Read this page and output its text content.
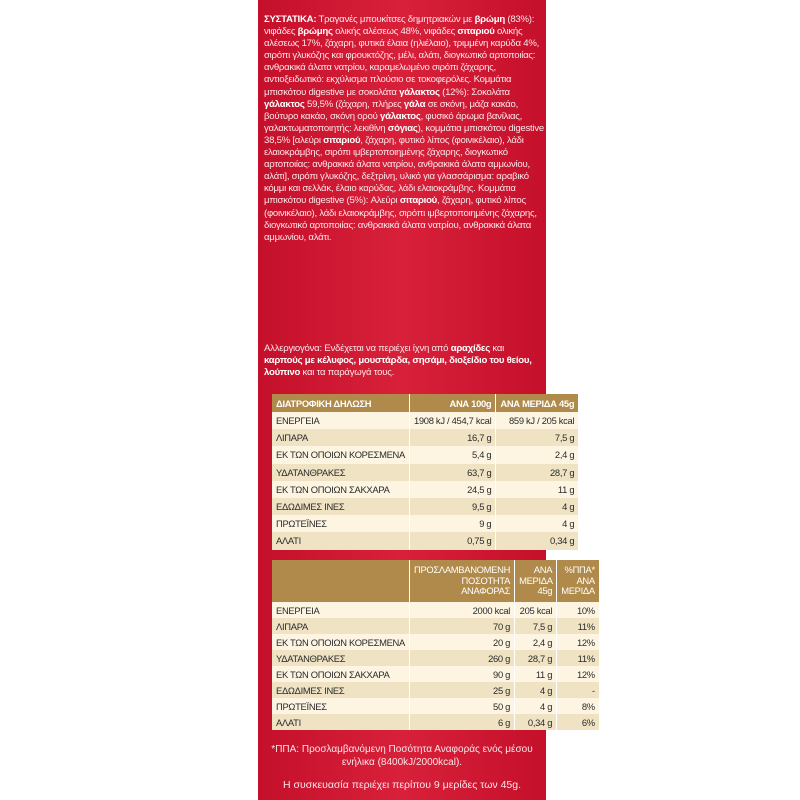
ΣΥΣΤΑΤΙΚΑ: Τραγανές μπουκίτσες δημητριακών με βρώμη (83%): νιφάδες βρώμης ολικής αλέσεως 48%, νιφάδες σιταριού ολικής αλέσεως 17%, ζάχαρη, φυτικά έλαια (ηλιέλαιο), τριμμένη καρύδα 4%, σιρόπι γλυκόζης και φρουκτόζης, μέλι, αλάτι, διογκωτικό αρτοποιίας: ανθρακικά άλατα νατρίου, καραμελωμένο σιρόπι ζάχαρης, αντιοξειδωτικό: εκχύλισμα πλούσιο σε τοκοφερόλες. Κομμάτια μπισκότου digestive με σοκολάτα γάλακτος (12%): Σοκολάτα γάλακτος 59,5% (ζάχαρη, πλήρες γάλα σε σκόνη, μάζα κακάο, βούτυρο κακάο, σκόνη ορού γάλακτος, φυσικό άρωμα βανίλιας, γαλακτωματοποιητής: λεκιθίνη σόγιας), κομμάτια μπισκότου digestive 38,5% [αλεύρι σιταριού, ζάχαρη, φυτικό λίπος (φοινικέλαιο), λάδι ελαιοκράμβης, σιρόπι ιμβερτοποιημένης ζάχαρης, διογκωτικό αρτοποιίας: ανθρακικά άλατα νατρίου, ανθρακικά άλατα αμμωνίου, αλάτι], σιρόπι γλυκόζης, δεξτρίνη, υλικό για γλασσάρισμα: αραβικό κόμμι και σελλάκ, έλαιο καρύδας, λάδι ελαιοκράμβης. Κομμάτια μπισκότου digestive (5%): Αλεύρι σιταριού, ζάχαρη, φυτικό λίπος (φοινικέλαιο), λάδι ελαιοκράμβης, σιρόπι ιμβερτοποιημένης ζάχαρης, διογκωτικό αρτοποιίας: ανθρακικά άλατα νατρίου, ανθρακικά άλατα αμμωνίου, αλάτι.
Αλλεργιογόνα: Ενδέχεται να περιέχει ίχνη από αραχίδες και καρπούς με κέλυφος, μουστάρδα, σησάμι, διοξείδιο του θείου, λούπινο και τα παράγωγά τους.
ΔΙΑΤΡΟΦΙΚΗ ΔΗΛΩΣΗ	ΑΝΑ 100g	ΑΝΑ ΜΕΡΙΔΑ 45g
ΕΝΕΡΓΕΙΑ	1908 kJ / 454,7 kcal	859 kJ / 205 kcal
ΛΙΠΑΡΑ	16,7 g	7,5 g
ΕΚ ΤΩΝ ΟΠΟΙΩΝ ΚΟΡΕΣΜΕΝΑ	5,4 g	2,4 g
ΥΔΑΤΑΝΘΡΑΚΕΣ	63,7 g	28,7 g
ΕΚ ΤΩΝ ΟΠΟΙΩΝ ΣΑΚΧΑΡΑ	24,5 g	11 g
ΕΔΩΔΙΜΕΣ ΙΝΕΣ	9,5 g	4 g
ΠΡΩΤΕΪΝΕΣ	9 g	4 g
ΑΛΑΤΙ	0,75 g	0,34 g
	ΠΡΟΣΛΑΜΒΑΝΟΜΕΝΗ ΠΟΣΟΤΗΤΑ ΑΝΑΦΟΡΑΣ	ΑΝΑ ΜΕΡΙΔΑ 45g	%ΠΠΑ* ΑΝΑ ΜΕΡΙΔΑ
ΕΝΕΡΓΕΙΑ	2000 kcal	205 kcal	10%
ΛΙΠΑΡΑ	70 g	7,5 g	11%
ΕΚ ΤΩΝ ΟΠΟΙΩΝ ΚΟΡΕΣΜΕΝΑ	20 g	2,4 g	12%
ΥΔΑΤΑΝΘΡΑΚΕΣ	260 g	28,7 g	11%
ΕΚ ΤΩΝ ΟΠΟΙΩΝ ΣΑΚΧΑΡΑ	90 g	11 g	12%
ΕΔΩΔΙΜΕΣ ΙΝΕΣ	25 g	4 g	-
ΠΡΩΤΕΪΝΕΣ	50 g	4 g	8%
ΑΛΑΤΙ	6 g	0,34 g	6%
*ΠΠΑ: Προσλαμβανόμενη Ποσότητα Αναφοράς ενός μέσου ενήλικα (8400kJ/2000kcal).
Η συσκευασία περιέχει περίπου 9 μερίδες των 45g.
